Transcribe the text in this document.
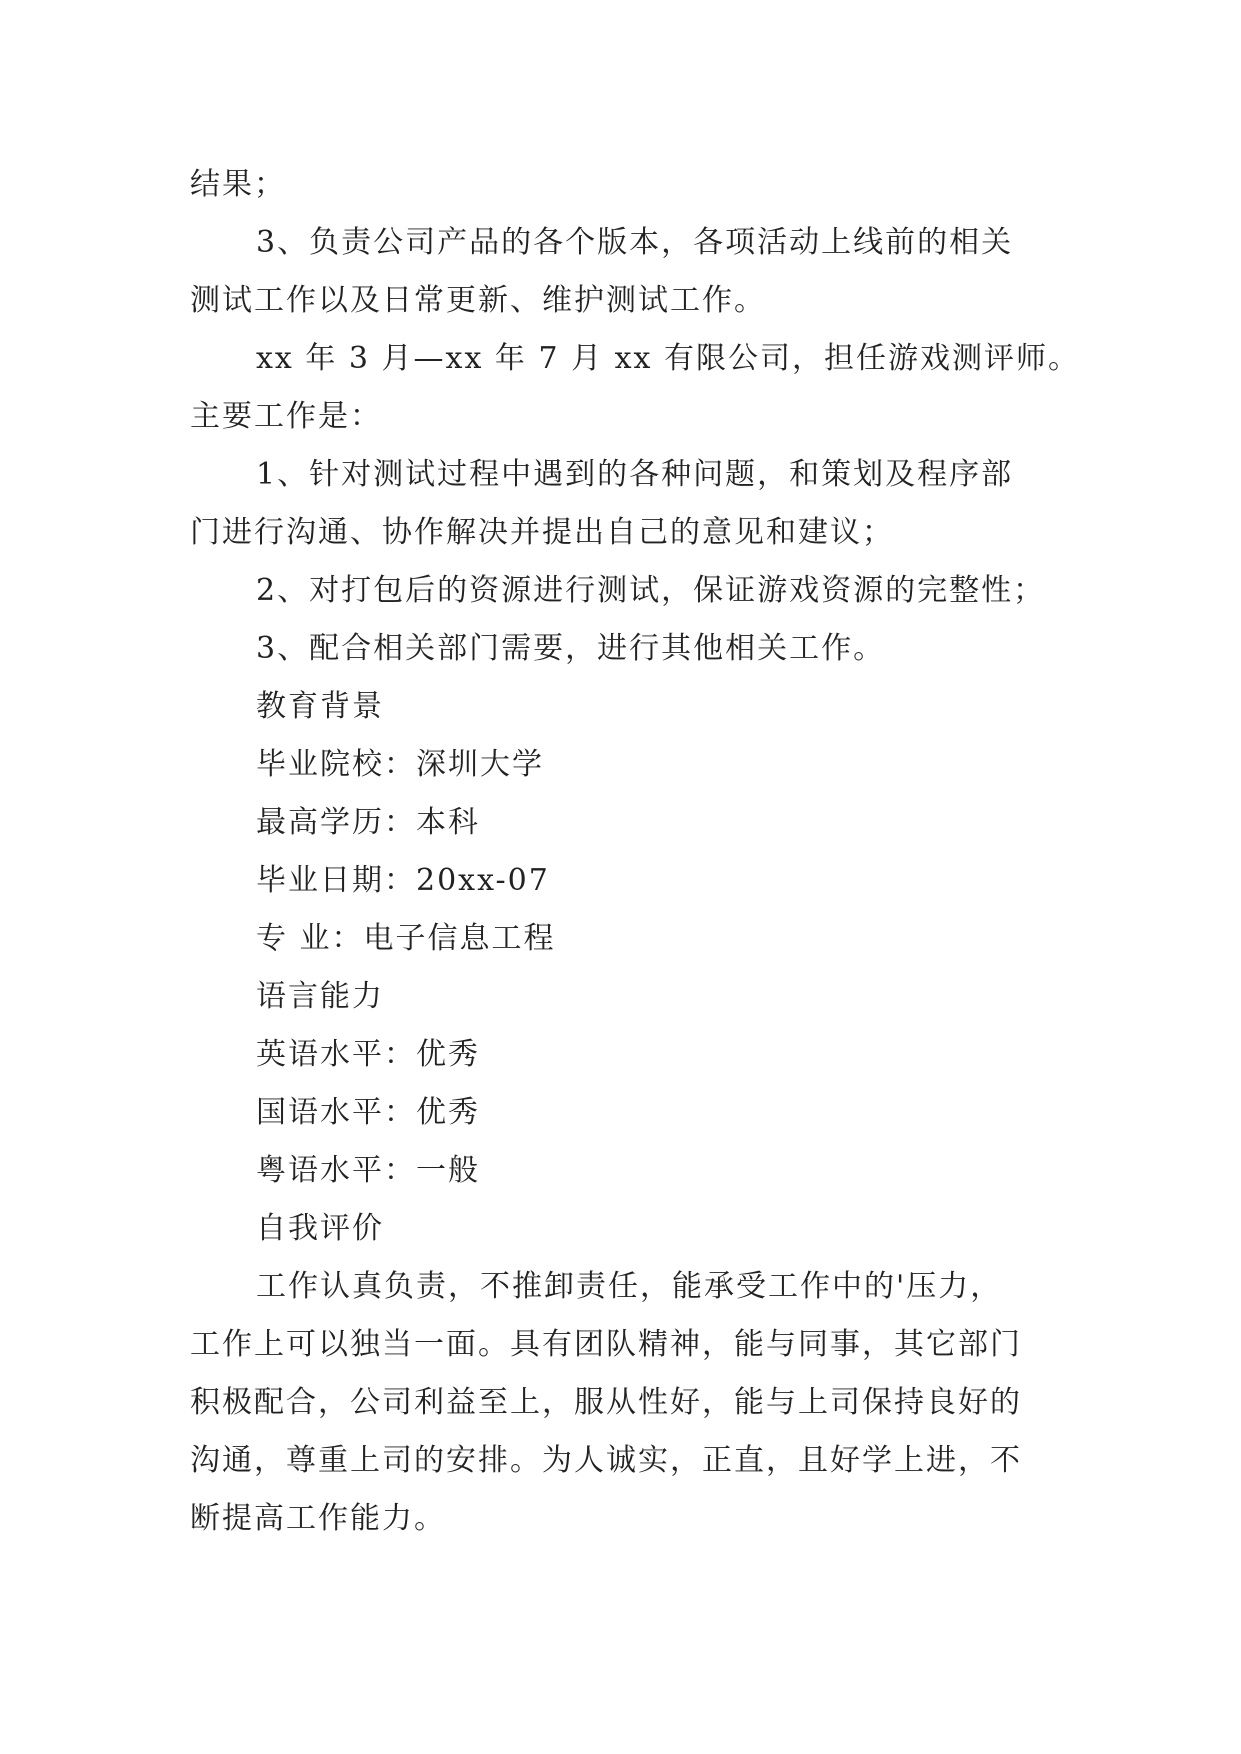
结果；
3、负责公司产品的各个版本，各项活动上线前的相关
测试工作以及日常更新、维护测试工作。
xx 年 3 月—xx 年 7 月 xx 有限公司，担任游戏测评师。
主要工作是：
1、针对测试过程中遇到的各种问题，和策划及程序部
门进行沟通、协作解决并提出自己的意见和建议；
2、对打包后的资源进行测试，保证游戏资源的完整性；
3、配合相关部门需要，进行其他相关工作。
教育背景
毕业院校：深圳大学
最高学历：本科
毕业日期：20xx-07
专 业：电子信息工程
语言能力
英语水平：优秀
国语水平：优秀
粤语水平：一般
自我评价
工作认真负责，不推卸责任，能承受工作中的'压力，
工作上可以独当一面。具有团队精神，能与同事，其它部门
积极配合，公司利益至上，服从性好，能与上司保持良好的
沟通，尊重上司的安排。为人诚实，正直，且好学上进，不
断提高工作能力。
